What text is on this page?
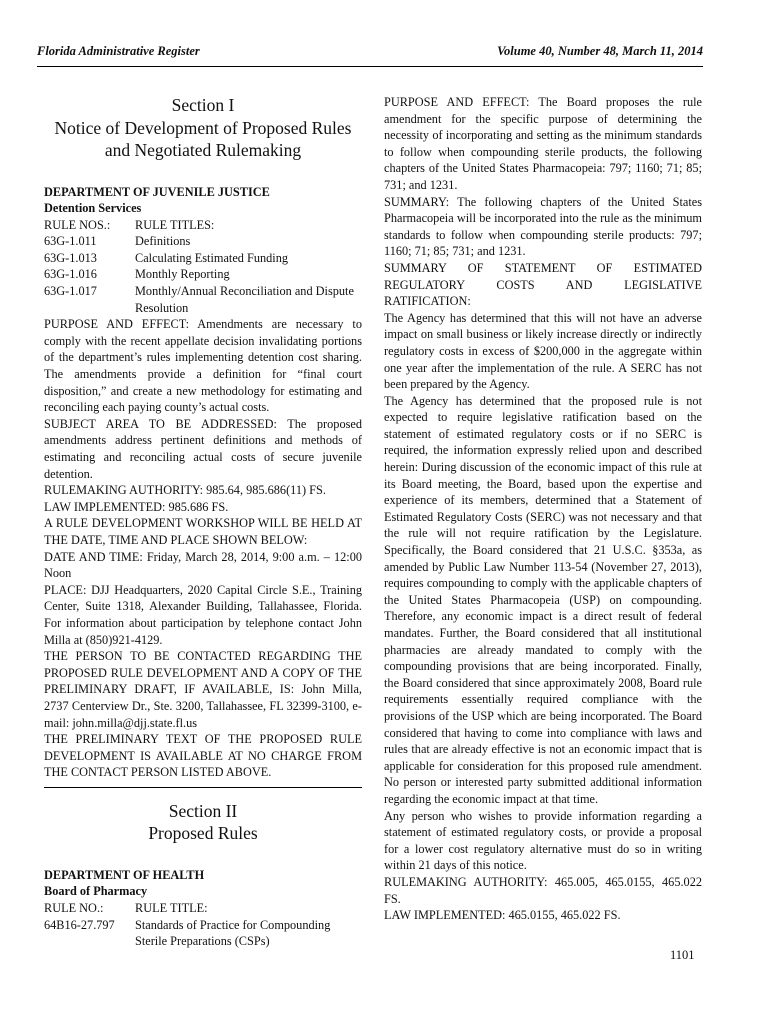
Florida Administrative Register	Volume 40, Number 48, March 11, 2014
Section I
Notice of Development of Proposed Rules
and Negotiated Rulemaking

DEPARTMENT OF JUVENILE JUSTICE

Detention Services

RULE NOS.:	RULE TITLES:
63G-1.011	Definitions
63G-1.013	Calculating Estimated Funding
63G-1.016	Monthly Reporting
63G-1.017	Monthly/Annual Reconciliation and Dispute Resolution

PURPOSE AND EFFECT: Amendments are necessary to comply with the recent appellate decision invalidating portions of the department’s rules implementing detention cost sharing. The amendments provide a definition for “final court disposition,” and create a new methodology for estimating and reconciling each paying county’s actual costs.

SUBJECT AREA TO BE ADDRESSED: The proposed amendments address pertinent definitions and methods of estimating and reconciling actual costs of secure juvenile detention.

RULEMAKING AUTHORITY: 985.64, 985.686(11) FS.

LAW IMPLEMENTED: 985.686 FS.

A RULE DEVELOPMENT WORKSHOP WILL BE HELD AT THE DATE, TIME AND PLACE SHOWN BELOW:

DATE AND TIME: Friday, March 28, 2014, 9:00 a.m. – 12:00 Noon

PLACE: DJJ Headquarters, 2020 Capital Circle S.E., Training Center, Suite 1318, Alexander Building, Tallahassee, Florida. For information about participation by telephone contact John Milla at (850)921-4129.

THE PERSON TO BE CONTACTED REGARDING THE PROPOSED RULE DEVELOPMENT AND A COPY OF THE PRELIMINARY DRAFT, IF AVAILABLE, IS: John Milla, 2737 Centerview Dr., Ste. 3200, Tallahassee, FL 32399-3100, e-mail: john.milla@djj.state.fl.us

THE PRELIMINARY TEXT OF THE PROPOSED RULE DEVELOPMENT IS AVAILABLE AT NO CHARGE FROM THE CONTACT PERSON LISTED ABOVE.

Section II
Proposed Rules

DEPARTMENT OF HEALTH

Board of Pharmacy

RULE NO.:	RULE TITLE:
64B16-27.797	Standards of Practice for Compounding Sterile Preparations (CSPs)

PURPOSE AND EFFECT: The Board proposes the rule amendment for the specific purpose of determining the necessity of incorporating and setting as the minimum standards to follow when compounding sterile products, the following chapters of the United States Pharmacopeia: 797; 1160; 71; 85; 731; and 1231.

SUMMARY: The following chapters of the United States Pharmacopeia will be incorporated into the rule as the minimum standards to follow when compounding sterile products: 797; 1160; 71; 85; 731; and 1231.

SUMMARY OF STATEMENT OF ESTIMATED REGULATORY COSTS AND LEGISLATIVE RATIFICATION:

The Agency has determined that this will not have an adverse impact on small business or likely increase directly or indirectly regulatory costs in excess of $200,000 in the aggregate within one year after the implementation of the rule. A SERC has not been prepared by the Agency.

The Agency has determined that the proposed rule is not expected to require legislative ratification based on the statement of estimated regulatory costs or if no SERC is required, the information expressly relied upon and described herein: During discussion of the economic impact of this rule at its Board meeting, the Board, based upon the expertise and experience of its members, determined that a Statement of Estimated Regulatory Costs (SERC) was not necessary and that the rule will not require ratification by the Legislature. Specifically, the Board considered that 21 U.S.C. §353a, as amended by Public Law Number 113-54 (November 27, 2013), requires compounding to comply with the applicable chapters of the United States Pharmacopeia (USP) on compounding. Therefore, any economic impact is a direct result of federal mandates. Further, the Board considered that all institutional pharmacies are already mandated to comply with the compounding provisions that are being incorporated. Finally, the Board considered that since approximately 2008, Board rule requirements essentially required compliance with the provisions of the USP which are being incorporated. The Board considered that having to come into compliance with laws and rules that are already effective is not an economic impact that is applicable for consideration for this proposed rule amendment. No person or interested party submitted additional information regarding the economic impact at that time.

Any person who wishes to provide information regarding a statement of estimated regulatory costs, or provide a proposal for a lower cost regulatory alternative must do so in writing within 21 days of this notice.

RULEMAKING AUTHORITY: 465.005, 465.0155, 465.022 FS.

LAW IMPLEMENTED: 465.0155, 465.022 FS.

1101
